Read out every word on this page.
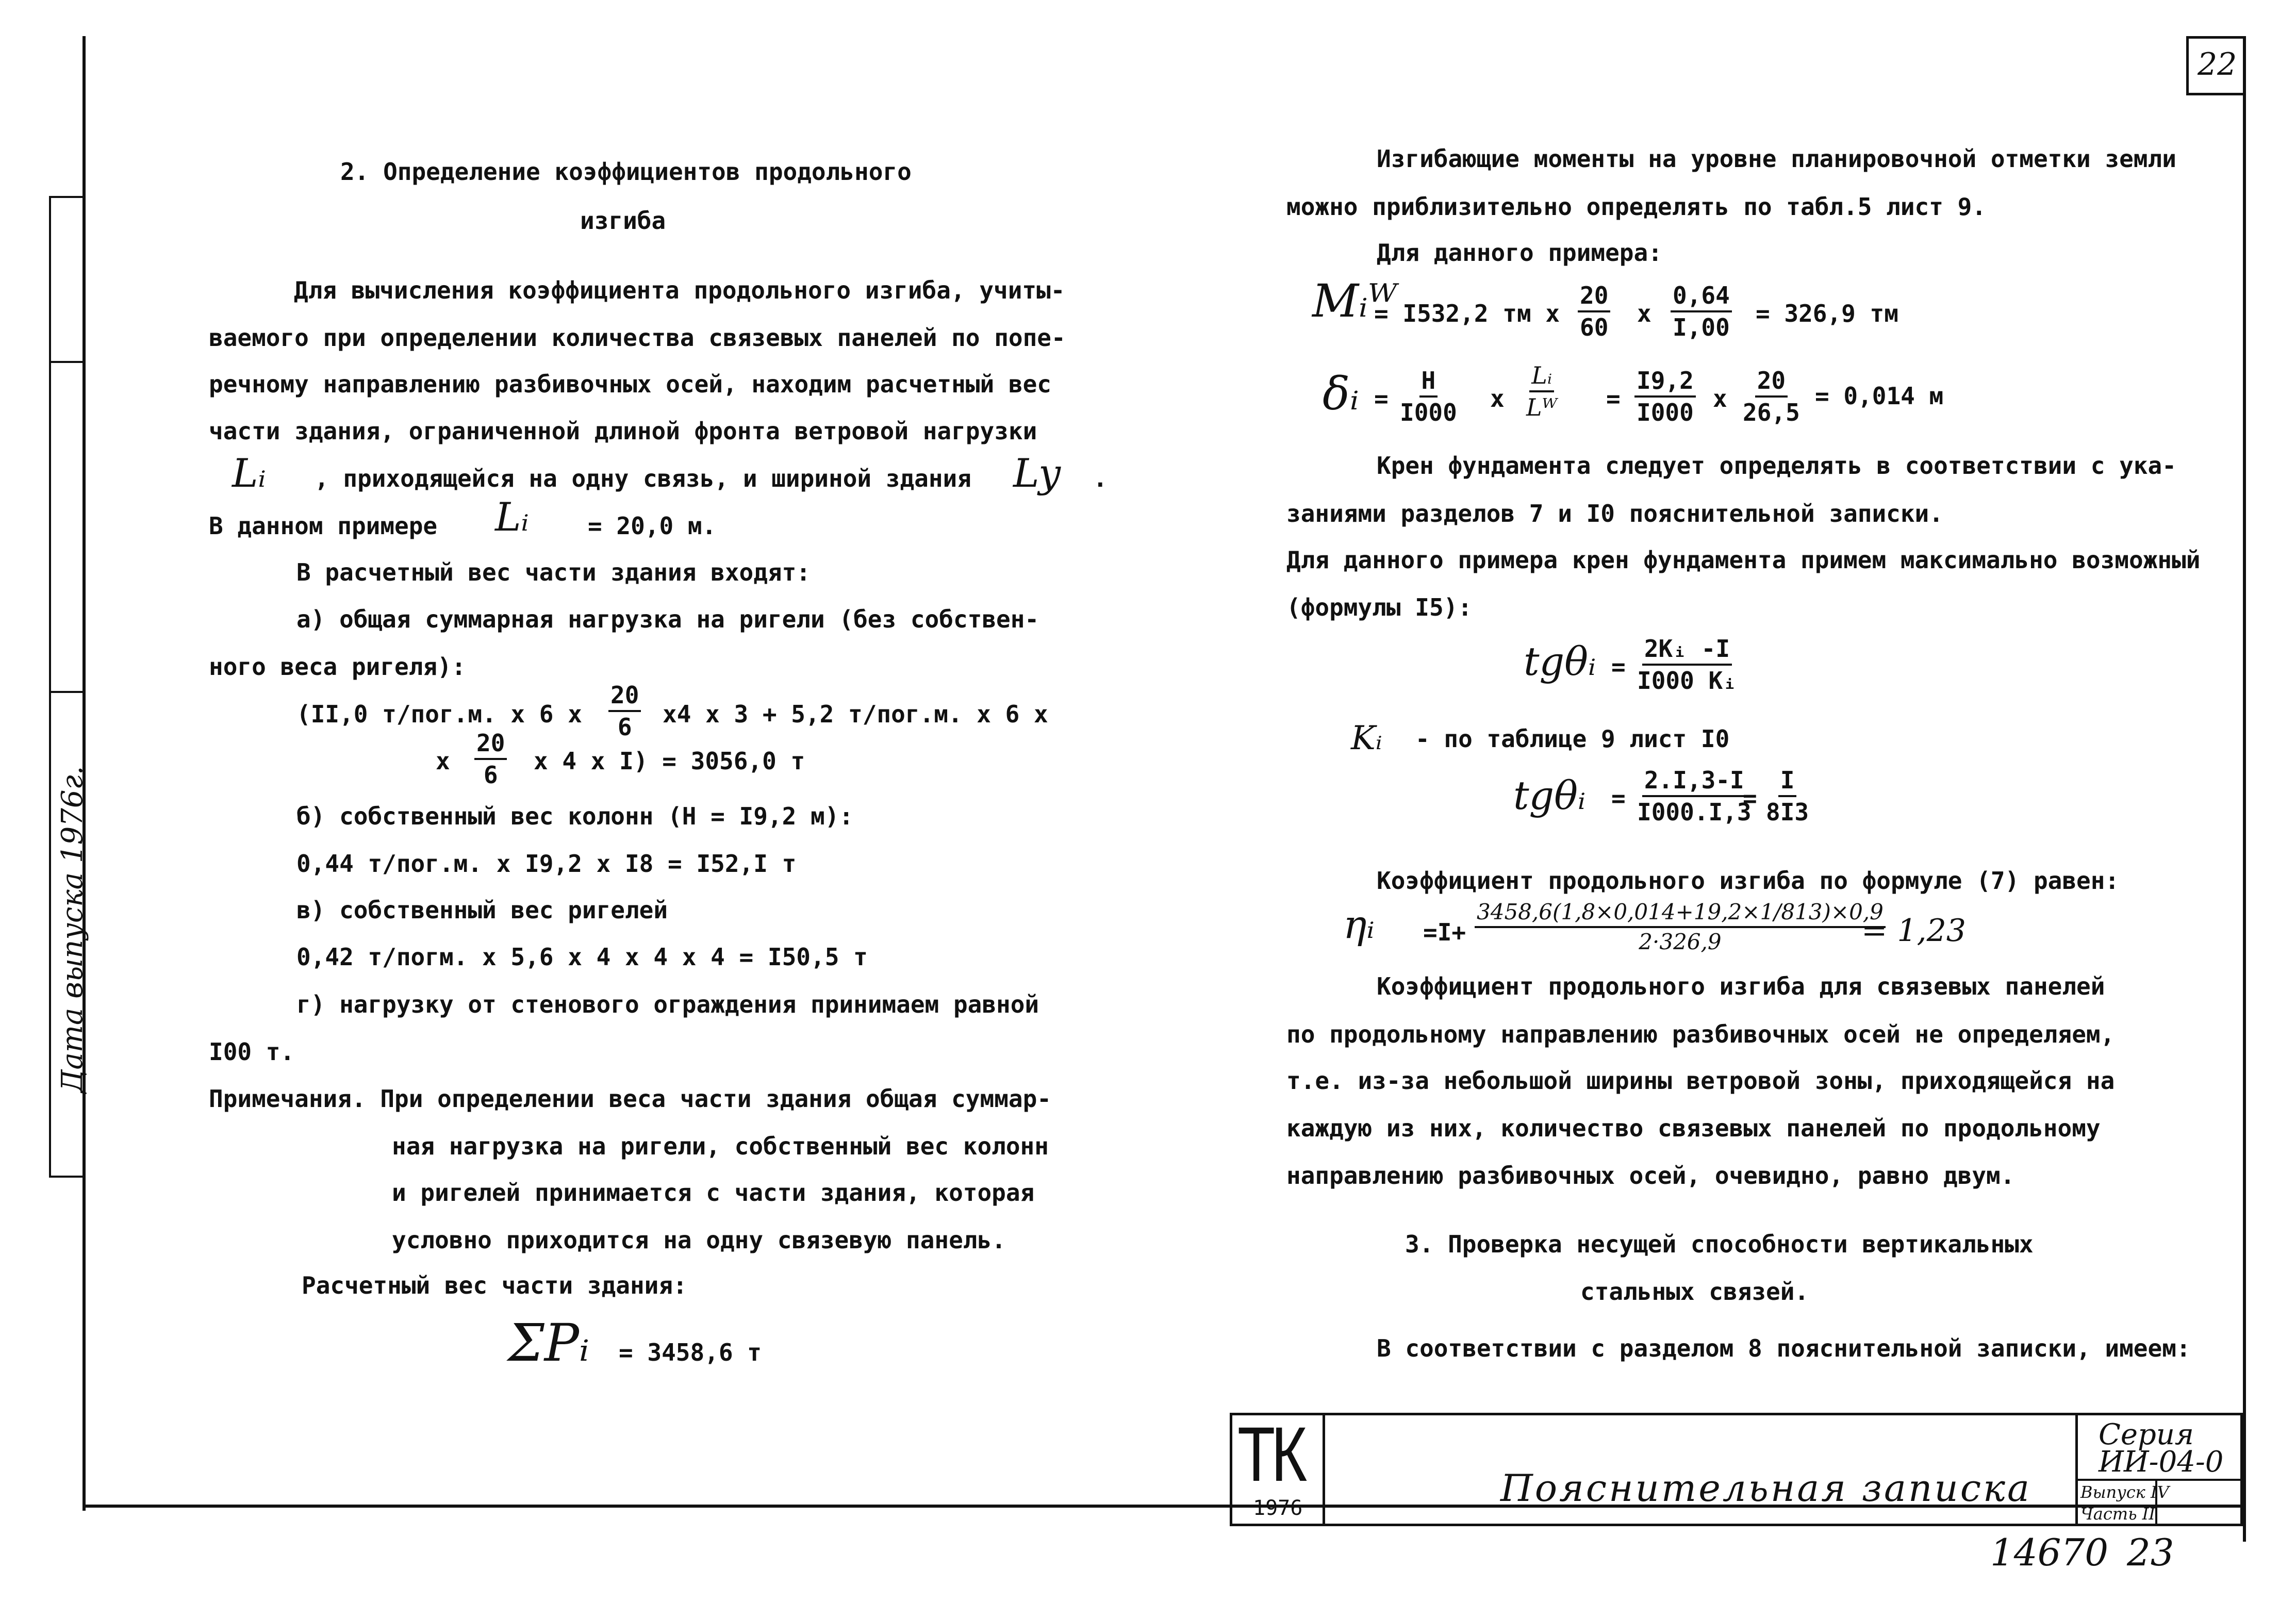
Дата выпуска 1976г.
22
2. Определение коэффициентов продольного
изгиба
Для вычисления коэффициента продольного изгиба, учиты-
ваемого при определении количества связевых панелей по попе-
речному направлению разбивочных осей, находим расчетный вес
части здания, ограниченной длиной фронта ветровой нагрузки
Lᵢ , приходящейся на одну связь, и шириной здания Ly .
В данном примере Lᵢ = 20,0 м.
В расчетный вес части здания входят:
а) общая суммарная нагрузка на ригели (без собствен-
ного веса ригеля):
(II,0 т/пог.м. x 6 x $\frac{20}{6} x4$ x 3 + 5,2 т/пог.м. x 6 x
x $\frac{20}{6}$ x 4 x I) = 3056,0 т
б) собственный вес колонн (Н = I9,2 м):
0,44 т/пог.м. x I9,2 x I8 = I52,I т
в) собственный вес ригелей
0,42 т/погм. x 5,6 x 4 x 4 x 4 = I50,5 т
г) нагрузку от стенового ограждения принимаем равной
I00 т.
Примечания. При определении веса части здания общая суммар-
ная нагрузка на ригели, собственный вес колонн
и ригелей принимается с части здания, которая
условно приходится на одну связевую панель.
Расчетный вес части здания:
ΣPᵢ = 3458,6 т
Изгибающие моменты на уровне планировочной отметки земли
можно приблизительно определять по табл.5 лист 9.
Для данного примера:
Mᵢᵂ
= I532,2 тм x $\frac{20}{60}$ x $\frac{0,64}{I,00} = 326,9$ тм
δᵢ = $\frac{H}{I000}$ x $\frac{\text{Lᵢ}}{\text{Lᵂ}} = \frac{I9,2}{I000}$ x $\frac{20}{26,5} = 0,014$ м
Крен фундамента следует определять в соответствии с ука-
заниями разделов 7 и I0 пояснительной записки.
Для данного примера крен фундамента примем максимально возможный
(формулы I5):
tgθᵢ = $\frac{\text{2Kᵢ -I}}{\text{I000 Kᵢ}}$
Kᵢ - по таблице 9 лист I0
tgθᵢ = $\frac{2.I,3-I}{I000.I,3}$
= $\frac{I}{8I3}$
Коэффициент продольного изгиба по формуле (7) равен:
ηᵢ $=I+ \frac{3458,6(1,8\times 0,014+19,2\times 1/813)\times 0,9}{2\cdot 326,9}$
= 1,23
Коэффициент продольного изгиба для связевых панелей
по продольному направлению разбивочных осей не определяем,
т.е. из-за небольшой ширины ветровой зоны, приходящейся на
каждую из них, количество связевых панелей по продольному
направлению разбивочных осей, очевидно, равно двум.
3. Проверка несущей способности вертикальных
стальных связей.
В соответствии с разделом 8 пояснительной записки, имеем:
ТК
1976	Пояснительная записка
Серия
ИИ-04-0
Выпуск IV
Часть II
14670 23
